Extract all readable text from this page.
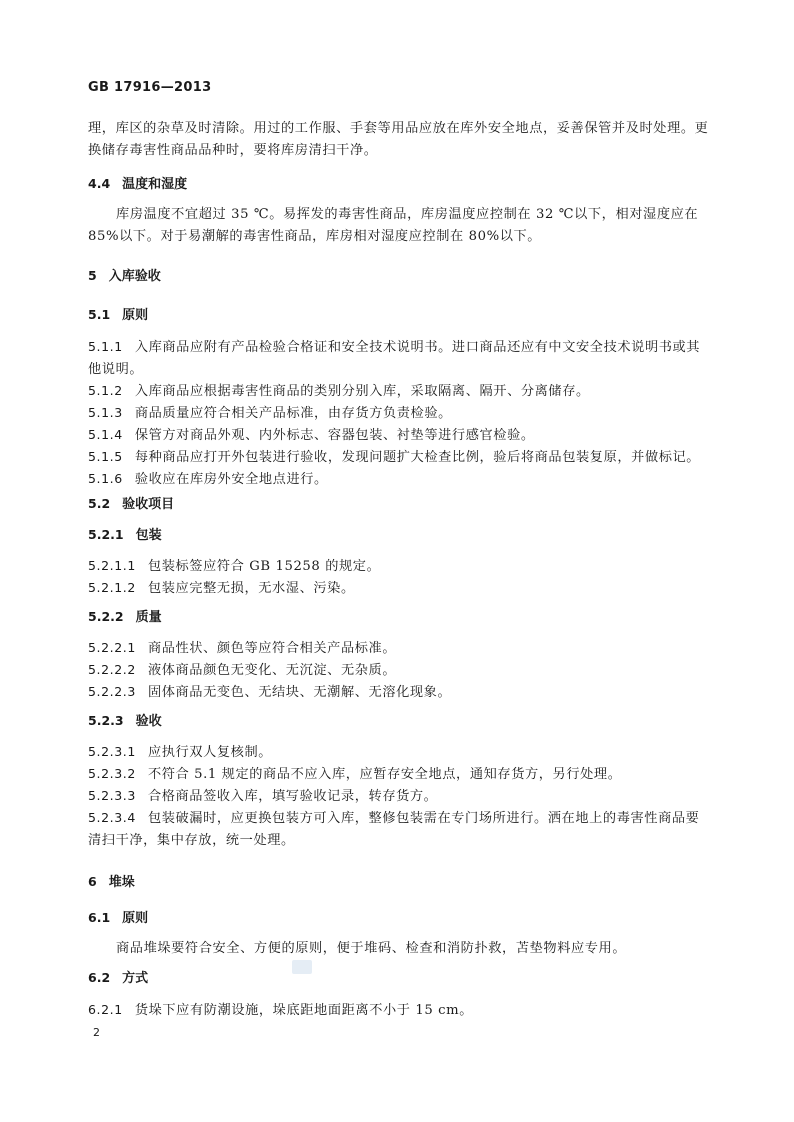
GB 17916—2013

理，库区的杂草及时清除。用过的工作服、手套等用品应放在库外安全地点，妥善保管并及时处理。更换储存毒害性商品品种时，要将库房清扫干净。

4.4 温度和湿度

库房温度不宜超过 35 ℃。易挥发的毒害性商品，库房温度应控制在 32 ℃以下，相对湿度应在 85%以下。对于易潮解的毒害性商品，库房相对湿度应控制在 80%以下。

5 入库验收
5.1 原则

5.1.1 入库商品应附有产品检验合格证和安全技术说明书。进口商品还应有中文安全技术说明书或其他说明。

5.1.2 入库商品应根据毒害性商品的类别分别入库，采取隔离、隔开、分离储存。

5.1.3 商品质量应符合相关产品标准，由存货方负责检验。

5.1.4 保管方对商品外观、内外标志、容器包装、衬垫等进行感官检验。

5.1.5 每种商品应打开外包装进行验收，发现问题扩大检查比例，验后将商品包装复原，并做标记。

5.1.6 验收应在库房外安全地点进行。

5.2 验收项目
5.2.1 包装

5.2.1.1 包装标签应符合 GB 15258 的规定。

5.2.1.2 包装应完整无损，无水湿、污染。

5.2.2 质量

5.2.2.1 商品性状、颜色等应符合相关产品标准。

5.2.2.2 液体商品颜色无变化、无沉淀、无杂质。

5.2.2.3 固体商品无变色、无结块、无潮解、无溶化现象。

5.2.3 验收

5.2.3.1 应执行双人复核制。

5.2.3.2 不符合 5.1 规定的商品不应入库，应暂存安全地点，通知存货方，另行处理。

5.2.3.3 合格商品签收入库，填写验收记录，转存货方。

5.2.3.4 包装破漏时，应更换包装方可入库，整修包装需在专门场所进行。洒在地上的毒害性商品要清扫干净，集中存放，统一处理。

6 堆垛
6.1 原则

商品堆垛要符合安全、方便的原则，便于堆码、检查和消防扑救，苫垫物料应专用。

6.2 方式

6.2.1 货垛下应有防潮设施，垛底距地面距离不小于 15 cm。

2
